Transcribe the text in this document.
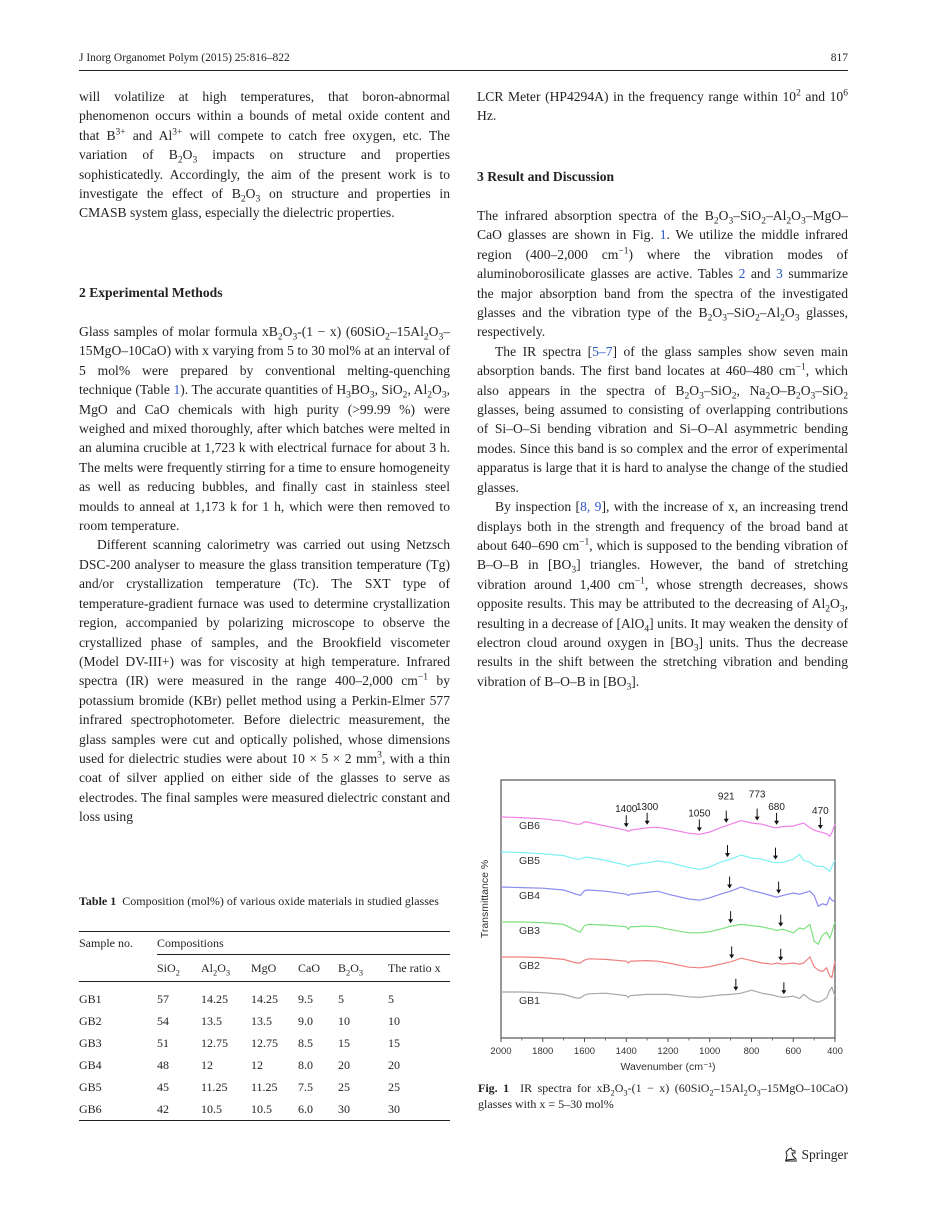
J Inorg Organomet Polym (2015) 25:816–822	817

will volatilize at high temperatures, that boron-abnormal phenomenon occurs within a bounds of metal oxide content and that $B^{3+}$ and $Al^{3+}$ will compete to catch free oxygen, etc. The variation of $B_2O_3$ impacts on structure and properties sophisticatedly. Accordingly, the aim of the present work is to investigate the effect of $B_2O_3$ on structure and properties in CMASB system glass, especially the dielectric properties.

2 Experimental Methods

Glass samples of molar formula $xB_2O_3-(1 - x)$ $(60SiO_2-15Al_2O_3-15MgO-10CaO)$ with x varying from 5 to 30 mol% at an interval of 5 mol% were prepared by conventional melting-quenching technique (Table 1). The accurate quantities of $H_3BO_3$, SiO$_2$, $Al_2O_3$, MgO and CaO chemicals with high purity (>99.99 %) were weighed and mixed thoroughly, after which batches were melted in an alumina crucible at 1,723 k with electrical furnace for about 3 h. The melts were frequently stirring for a time to ensure homogeneity as well as reducing bubbles, and finally cast in stainless steel moulds to anneal at 1,173 k for 1 h, which were then removed to room temperature.

Different scanning calorimetry was carried out using Netzsch DSC-200 analyser to measure the glass transition temperature (Tg) and/or crystallization temperature (Tc). The SXT type of temperature-gradient furnace was used to determine crystallization region, accompanied by polarizing microscope to observe the crystallized phase of samples, and the Brookfield viscometer (Model DV-III+) was for viscosity at high temperature. Infrared spectra (IR) were measured in the range 400–2,000 $cm^{-1}$ by potassium bromide (KBr) pellet method using a Perkin-Elmer 577 infrared spectrophotometer. Before dielectric measurement, the glass samples were cut and optically polished, whose dimensions used for dielectric studies were about 10 × 5 × 2 $mm^3$, with a thin coat of silver applied on either side of the glasses to serve as electrodes. The final samples were measured dielectric constant and loss using

Table 1 Composition (mol%) of various oxide materials in studied glasses
Sample no.	Compositions					
	SiO$_2$	$Al_2O_3$	MgO	CaO	$B_2O_3$	The ratio x
GB1	57	14.25	14.25	9.5	5	5
GB2	54	13.5	13.5	9.0	10	10
GB3	51	12.75	12.75	8.5	15	15
GB4	48	12	12	8.0	20	20
GB5	45	11.25	11.25	7.5	25	25
GB6	42	10.5	10.5	6.0	30	30

LCR Meter (HP4294A) in the frequency range within $10^2$ and $10^6$ Hz.

3 Result and Discussion

The infrared absorption spectra of the $B_2O_3-SiO_2-Al_2O_3-MgO$–CaO glasses are shown in Fig. 1. We utilize the middle infrared region (400–2,000 $cm^{-1}$) where the vibration modes of aluminoborosilicate glasses are active. Tables 2 and 3 summarize the major absorption band from the spectra of the investigated glasses and the vibration type of the $B_2O_3-SiO_2-Al_2O_3$ glasses, respectively.

The IR spectra [5–7] of the glass samples show seven main absorption bands. The first band locates at 460–480 $cm^{-1}$, which also appears in the spectra of $B_2O_3-SiO_2$, $Na_2O-B_2O_3-SiO_2$ glasses, being assumed to consisting of overlapping contributions of Si–O–Si bending vibration and Si–O–Al asymmetric bending modes. Since this band is so complex and the error of experimental apparatus is large that it is hard to analyse the change of the studied glasses.

By inspection [8, 9], with the increase of x, an increasing trend displays both in the strength and frequency of the broad band at about 640–690 $cm^{-1}$, which is supposed to the bending vibration of B–O–B in $[BO_3]$ triangles. However, the band of stretching vibration around 1,400 $cm^{-1}$, whose strength decreases, shows opposite results. This may be attributed to the decreasing of $Al_2O_3$, resulting in a decrease of [AlO$_4$] units. It may weaken the density of electron cloud around oxygen in $[BO_3]$ units. Thus the decrease results in the shift between the stretching vibration and bending vibration of B–O–B in $[BO_3]$.

2000 1800 1600 1400 1200 1000 800	600	400
Wavenumber (cm⁻¹)
Transmittance %
GB1
GB2
GB3
GB4
GB5
GB6
1400
1300
1050
921 773
680	470
Fig. 1 IR spectra for $xB_2O_3-(1 - x)$ $(60SiO_2-15Al_2O_3-15MgO-10CaO)$ glasses with x = 5–30 mol%
Springer
